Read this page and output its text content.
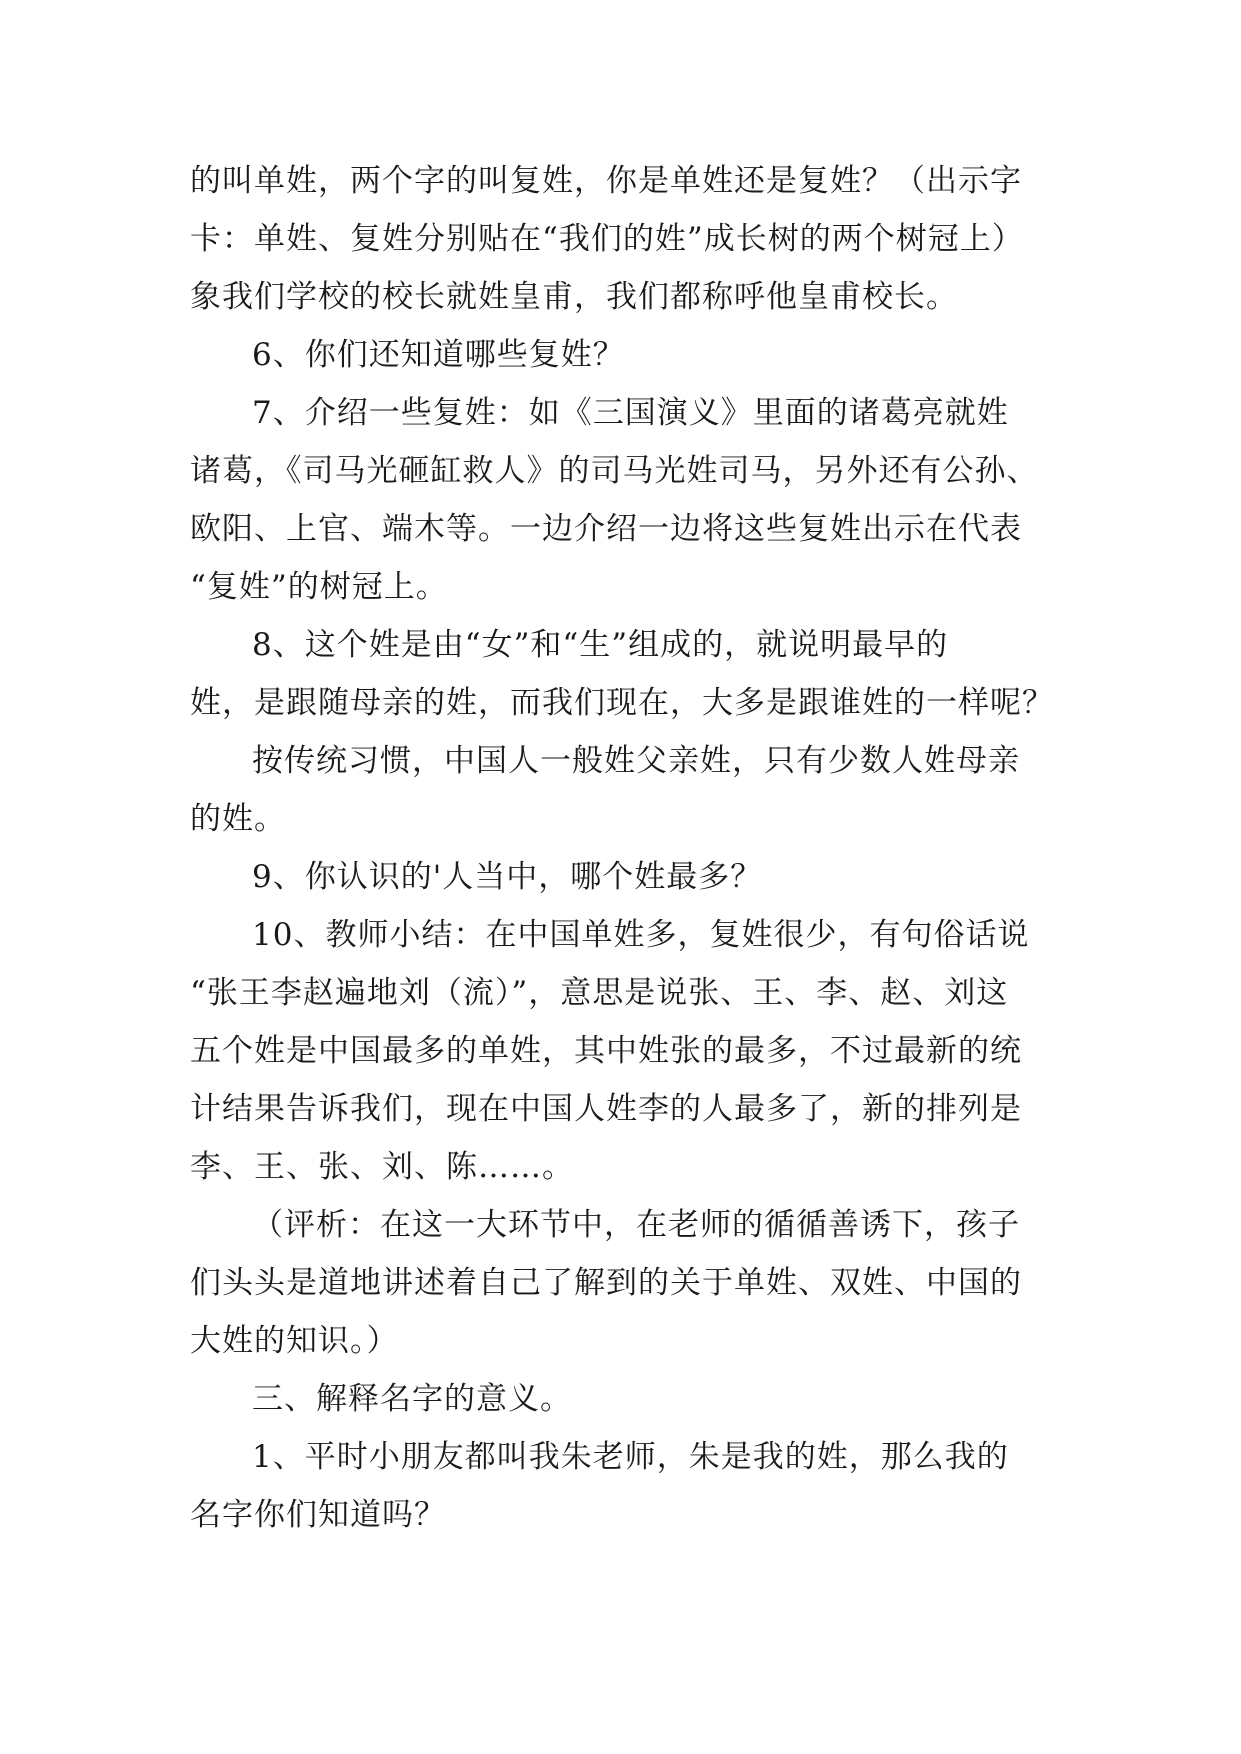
的叫单姓，两个字的叫复姓，你是单姓还是复姓？（出示字
卡：单姓、复姓分别贴在“我们的姓”成长树的两个树冠上）
象我们学校的校长就姓皇甫，我们都称呼他皇甫校长。
6、你们还知道哪些复姓？
7、介绍一些复姓：如《三国演义》里面的诸葛亮就姓
诸葛，《司马光砸缸救人》的司马光姓司马，另外还有公孙、
欧阳、上官、端木等。一边介绍一边将这些复姓出示在代表
“复姓”的树冠上。
8、这个姓是由“女”和“生”组成的，就说明最早的
姓，是跟随母亲的姓，而我们现在，大多是跟谁姓的一样呢？
按传统习惯，中国人一般姓父亲姓，只有少数人姓母亲
的姓。
9、你认识的'人当中，哪个姓最多？
10、教师小结：在中国单姓多，复姓很少，有句俗话说
“张王李赵遍地刘（流）”，意思是说张、王、李、赵、刘这
五个姓是中国最多的单姓，其中姓张的最多，不过最新的统
计结果告诉我们，现在中国人姓李的人最多了，新的排列是
李、王、张、刘、陈……。
（评析：在这一大环节中，在老师的循循善诱下，孩子
们头头是道地讲述着自己了解到的关于单姓、双姓、中国的
大姓的知识。）
三、解释名字的意义。
1、平时小朋友都叫我朱老师，朱是我的姓，那么我的
名字你们知道吗？
